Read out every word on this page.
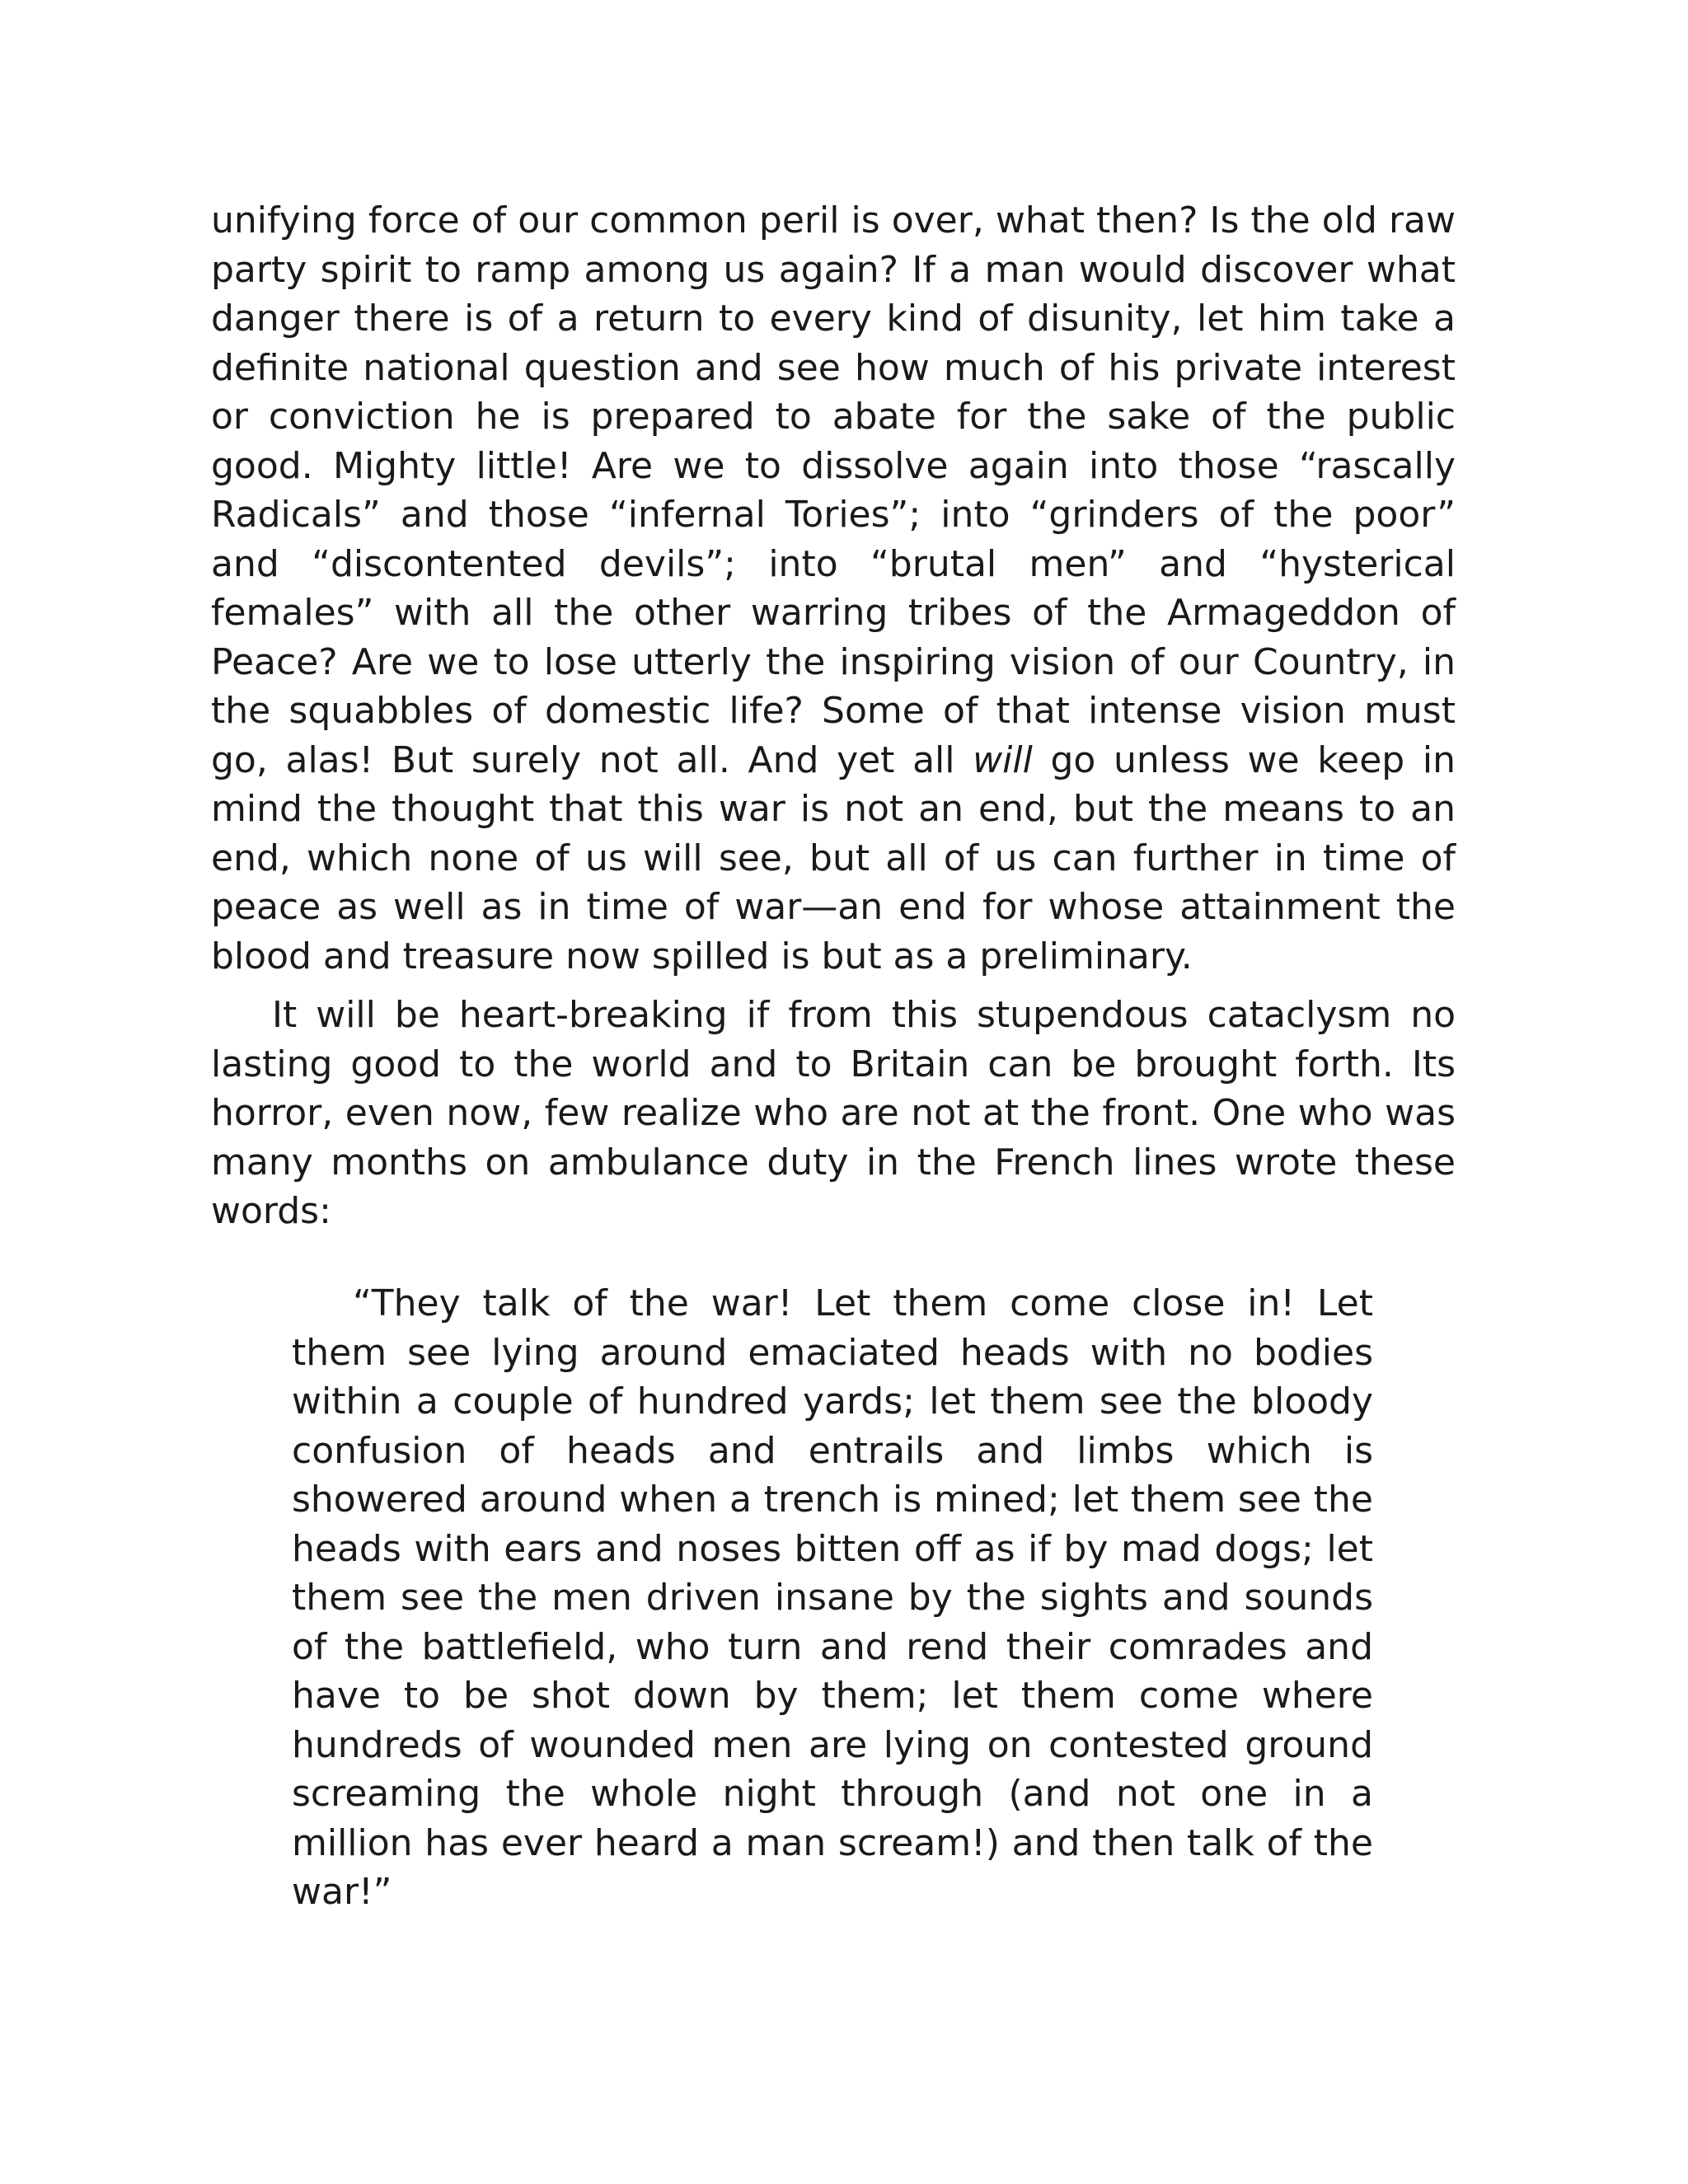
unifying force of our common peril is over, what then? Is the old raw party spirit to ramp among us again? If a man would discover what danger there is of a return to every kind of disunity, let him take a definite national question and see how much of his private interest or conviction he is prepared to abate for the sake of the public good. Mighty little! Are we to dissolve again into those “rascally Radicals” and those “infernal Tories”; into “grinders of the poor” and “discontented devils”; into “brutal men” and “hysterical females” with all the other warring tribes of the Armageddon of Peace? Are we to lose utterly the inspiring vision of our Country, in the squabbles of domestic life? Some of that intense vision must go, alas! But surely not all. And yet all will go unless we keep in mind the thought that this war is not an end, but the means to an end, which none of us will see, but all of us can further in time of peace as well as in time of war—an end for whose attainment the blood and treasure now spilled is but as a preliminary.

It will be heart-breaking if from this stupendous cataclysm no lasting good to the world and to Britain can be brought forth. Its horror, even now, few realize who are not at the front. One who was many months on ambulance duty in the French lines wrote these words:

“They talk of the war! Let them come close in! Let them see lying around emaciated heads with no bodies within a couple of hundred yards; let them see the bloody confusion of heads and entrails and limbs which is showered around when a trench is mined; let them see the heads with ears and noses bitten off as if by mad dogs; let them see the men driven insane by the sights and sounds of the battlefield, who turn and rend their comrades and have to be shot down by them; let them come where hundreds of wounded men are lying on contested ground screaming the whole night through (and not one in a million has ever heard a man scream!) and then talk of the war!”
